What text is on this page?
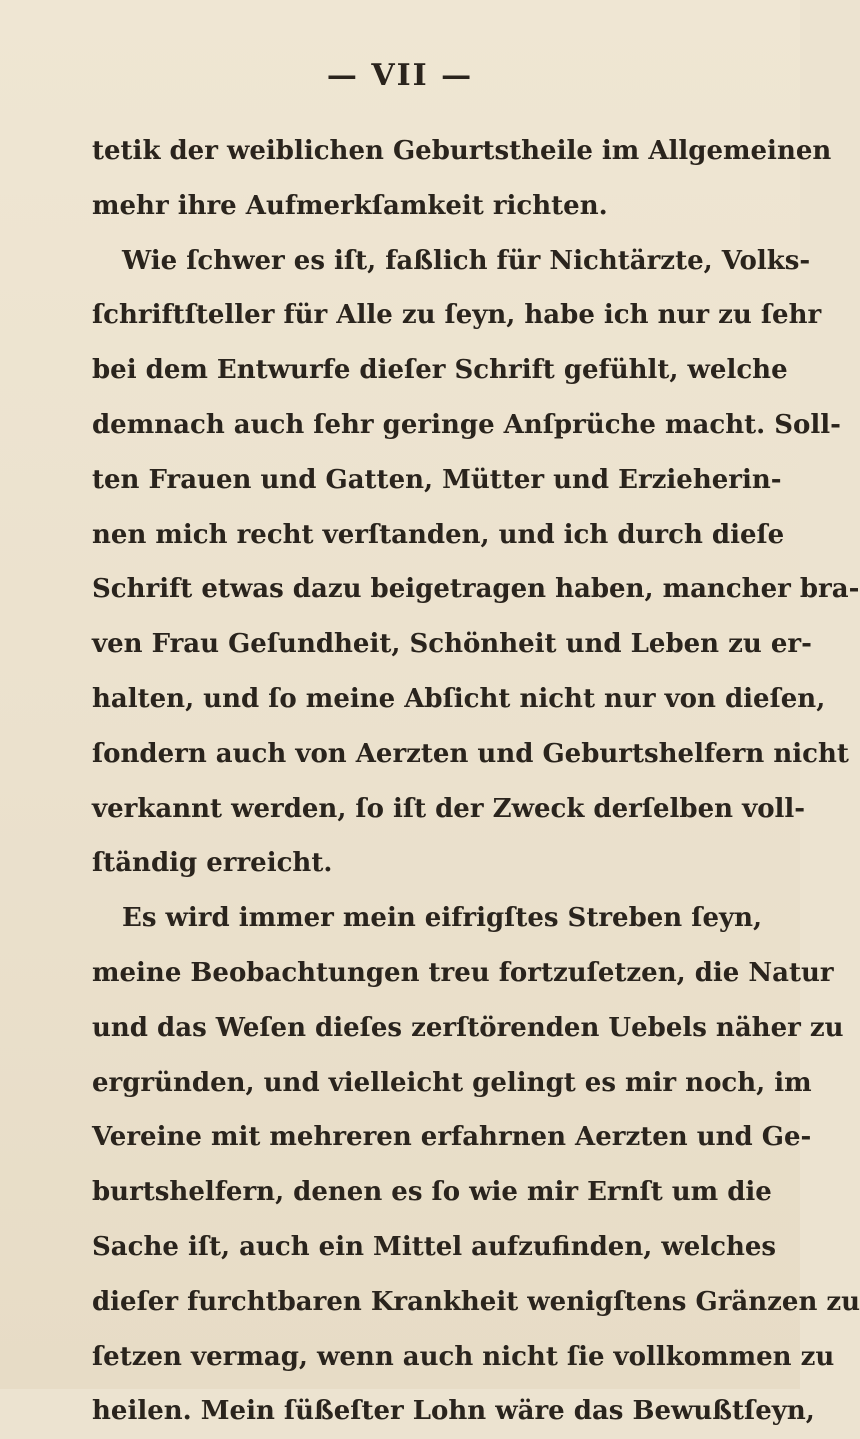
— VII —
tetik der weiblichen Geburtstheile im Allgemeinen
mehr ihre Aufmerkſamkeit richten.
Wie ſchwer es iſt, faßlich für Nichtärzte, Volks-
ſchriftſteller für Alle zu ſeyn, habe ich nur zu ſehr
bei dem Entwurfe dieſer Schrift gefühlt, welche
demnach auch ſehr geringe Anſprüche macht. Soll-
ten Frauen und Gatten, Mütter und Erzieherin-
nen mich recht verſtanden, und ich durch dieſe
Schrift etwas dazu beigetragen haben, mancher bra-
ven Frau Geſundheit, Schönheit und Leben zu er-
halten, und ſo meine Abſicht nicht nur von dieſen,
ſondern auch von Aerzten und Geburtshelfern nicht
verkannt werden, ſo iſt der Zweck derſelben voll-
ſtändig erreicht.
Es wird immer mein eifrigſtes Streben ſeyn,
meine Beobachtungen treu fortzuſetzen, die Natur
und das Weſen dieſes zerſtörenden Uebels näher zu
ergründen, und vielleicht gelingt es mir noch, im
Vereine mit mehreren erfahrnen Aerzten und Ge-
burtshelfern, denen es ſo wie mir Ernſt um die
Sache iſt, auch ein Mittel aufzufinden, welches
dieſer furchtbaren Krankheit wenigſtens Gränzen zu
ſetzen vermag, wenn auch nicht ſie vollkommen zu
heilen. Mein ſüßeſter Lohn wäre das Bewußtſeyn,
